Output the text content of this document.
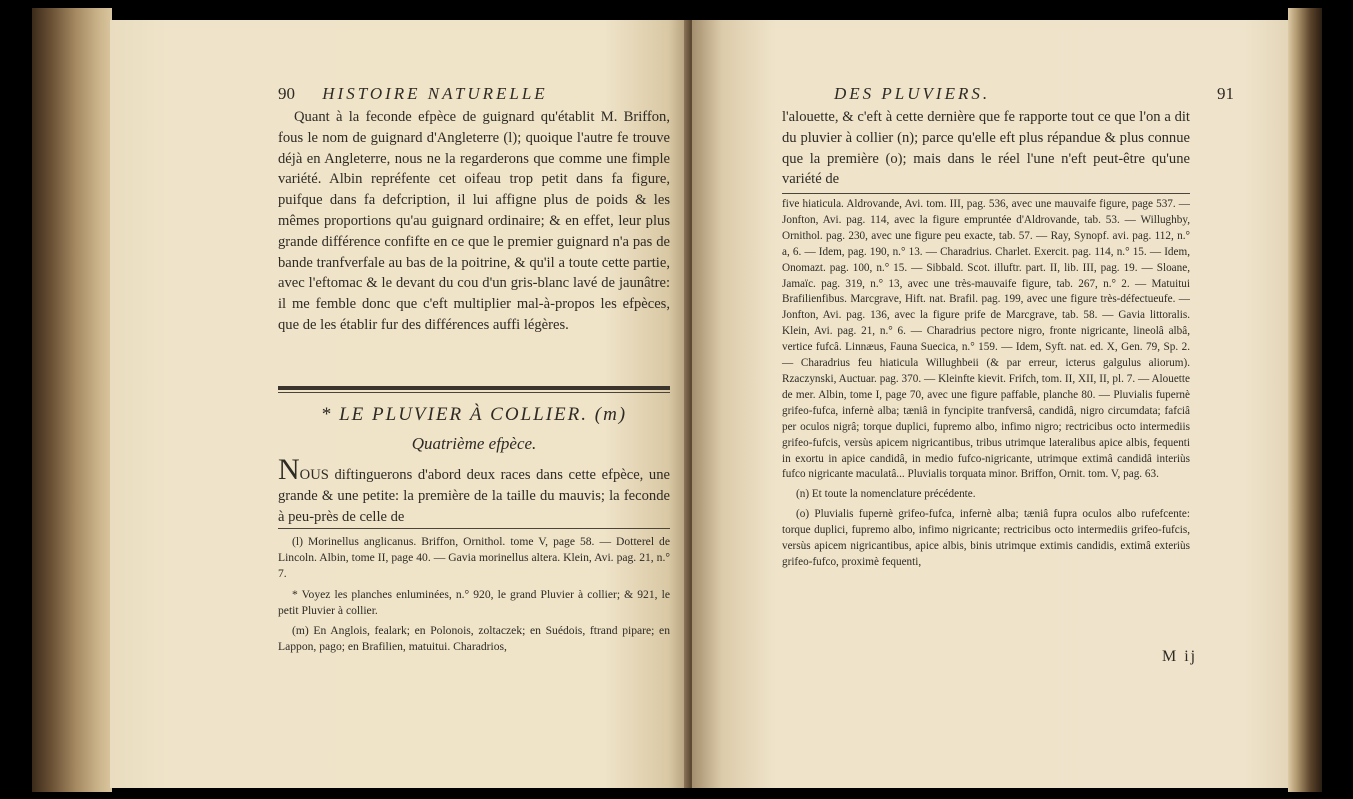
90 HISTOIRE NATURELLE

Quant à la feconde efpèce de guignard qu'établit M. Briffon, fous le nom de guignard d'Angleterre (l); quoique l'autre fe trouve déjà en Angleterre, nous ne la regarderons que comme une fimple variété. Albin repréfente cet oifeau trop petit dans fa figure, puifque dans fa defcription, il lui affigne plus de poids & les mêmes proportions qu'au guignard ordinaire; & en effet, leur plus grande différence confifte en ce que le premier guignard n'a pas de bande tranfverfale au bas de la poitrine, & qu'il a toute cette partie, avec l'eftomac & le devant du cou d'un gris-blanc lavé de jaunâtre: il me femble donc que c'eft multiplier mal-à-propos les efpèces, que de les établir fur des différences auffi légères.

* LE PLUVIER À COLLIER. (m)
Quatrième efpèce.

NOUS diftinguerons d'abord deux races dans cette efpèce, une grande & une petite: la première de la taille du mauvis; la feconde à peu-près de celle de

(l) Morinellus anglicanus. Briffon, Ornithol. tome V, page 58. — Dotterel de Lincoln. Albin, tome II, page 40. — Gavia morinellus altera. Klein, Avi. pag. 21, n.° 7.

* Voyez les planches enluminées, n.° 920, le grand Pluvier à collier; & 921, le petit Pluvier à collier.

(m) En Anglois, fealark; en Polonois, zoltaczek; en Suédois, ftrand pipare; en Lappon, pago; en Brafilien, matuitui. Charadrios,

DES PLUVIERS.	91

l'alouette, & c'eft à cette dernière que fe rapporte tout ce que l'on a dit du pluvier à collier (n); parce qu'elle eft plus répandue & plus connue que la première (o); mais dans le réel l'une n'eft peut-être qu'une variété de

five hiaticula. Aldrovande, Avi. tom. III, pag. 536, avec une mauvaife figure, page 537. — Jonfton, Avi. pag. 114, avec la figure empruntée d'Aldrovande, tab. 53. — Willughby, Ornithol. pag. 230, avec une figure peu exacte, tab. 57. — Ray, Synopf. avi. pag. 112, n.° a, 6. — Idem, pag. 190, n.° 13. — Charadrius. Charlet. Exercit. pag. 114, n.° 15. — Idem, Onomazt. pag. 100, n.° 15. — Sibbald. Scot. illuftr. part. II, lib. III, pag. 19. — Sloane, Jamaïc. pag. 319, n.° 13, avec une très-mauvaife figure, tab. 267, n.° 2. — Matuitui Brafilienfibus. Marcgrave, Hift. nat. Brafil. pag. 199, avec une figure très-défectueufe. — Jonfton, Avi. pag. 136, avec la figure prife de Marcgrave, tab. 58. — Gavia littoralis. Klein, Avi. pag. 21, n.° 6. — Charadrius pectore nigro, fronte nigricante, lineolâ albâ, vertice fufcâ. Linnæus, Fauna Suecica, n.° 159. — Idem, Syft. nat. ed. X, Gen. 79, Sp. 2. — Charadrius feu hiaticula Willughbeii (& par erreur, icterus galgulus aliorum). Rzaczynski, Auctuar. pag. 370. — Kleinfte kievit. Frifch, tom. II, XII, II, pl. 7. — Alouette de mer. Albin, tome I, page 70, avec une figure paffable, planche 80. — Pluvialis fupernè grifeo-fufca, infernè alba; tæniâ in fyncipite tranfversâ, candidâ, nigro circumdata; fafciâ per oculos nigrâ; torque duplici, fupremo albo, infimo nigro; rectricibus octo intermediis grifeo-fufcis, versùs apicem nigricantibus, tribus utrimque lateralibus apice albis, fequenti in exortu in apice candidâ, in medio fufco-nigricante, utrimque extimâ candidâ interiùs fufco nigricante maculatâ... Pluvialis torquata minor. Briffon, Ornit. tom. V, pag. 63.

(n) Et toute la nomenclature précédente.

(o) Pluvialis fupernè grifeo-fufca, infernè alba; tæniâ fupra oculos albo rufefcente: torque duplici, fupremo albo, infimo nigricante; rectricibus octo intermediis grifeo-fufcis, versùs apicem nigricantibus, apice albis, binis utrimque extimis candidis, extimâ exteriùs grifeo-fufco, proximè fequenti,

M ij
